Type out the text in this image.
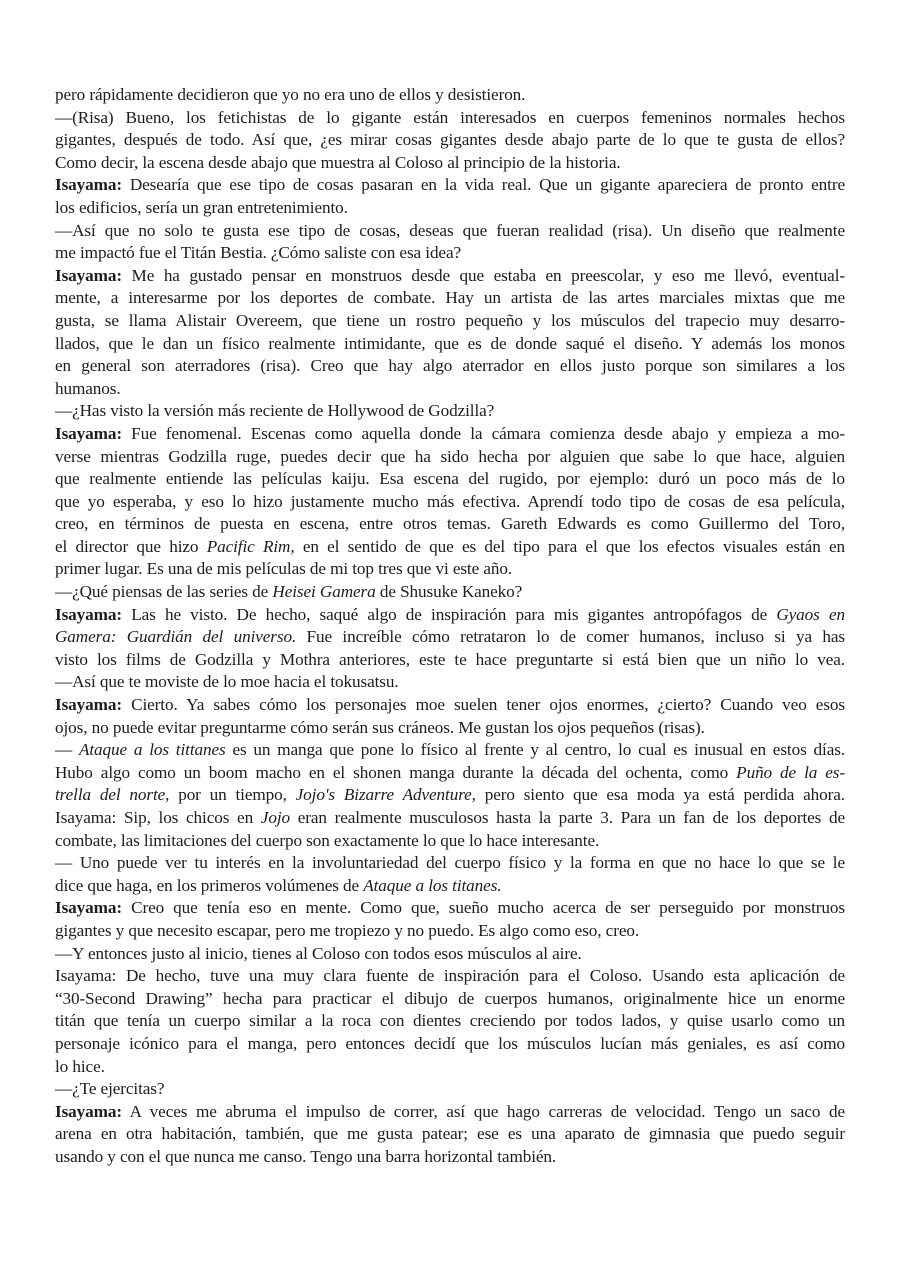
pero rápidamente decidieron que yo no era uno de ellos y desistieron.
—(Risa) Bueno, los fetichistas de lo gigante están interesados en cuerpos femeninos normales hechos
gigantes, después de todo. Así que, ¿es mirar cosas gigantes desde abajo parte de lo que te gusta de ellos?
Como decir, la escena desde abajo que muestra al Coloso al principio de la historia.
Isayama: Desearía que ese tipo de cosas pasaran en la vida real. Que un gigante apareciera de pronto entre
los edificios, sería un gran entretenimiento.
—Así que no solo te gusta ese tipo de cosas, deseas que fueran realidad (risa). Un diseño que realmente
me impactó fue el Titán Bestia. ¿Cómo saliste con esa idea?
Isayama: Me ha gustado pensar en monstruos desde que estaba en preescolar, y eso me llevó, eventual-
mente, a interesarme por los deportes de combate. Hay un artista de las artes marciales mixtas que me
gusta, se llama Alistair Overeem, que tiene un rostro pequeño y los músculos del trapecio muy desarro-
llados, que le dan un físico realmente intimidante, que es de donde saqué el diseño. Y además los monos
en general son aterradores (risa). Creo que hay algo aterrador en ellos justo porque son similares a los
humanos.
—¿Has visto la versión más reciente de Hollywood de Godzilla?
Isayama: Fue fenomenal. Escenas como aquella donde la cámara comienza desde abajo y empieza a mo-
verse mientras Godzilla ruge, puedes decir que ha sido hecha por alguien que sabe lo que hace, alguien
que realmente entiende las películas kaiju. Esa escena del rugido, por ejemplo: duró un poco más de lo
que yo esperaba, y eso lo hizo justamente mucho más efectiva. Aprendí todo tipo de cosas de esa película,
creo, en términos de puesta en escena, entre otros temas. Gareth Edwards es como Guillermo del Toro,
el director que hizo Pacific Rim, en el sentido de que es del tipo para el que los efectos visuales están en
primer lugar. Es una de mis películas de mi top tres que vi este año.
—¿Qué piensas de las series de Heisei Gamera de Shusuke Kaneko?
Isayama: Las he visto. De hecho, saqué algo de inspiración para mis gigantes antropófagos de Gyaos en
Gamera: Guardián del universo. Fue increíble cómo retrataron lo de comer humanos, incluso si ya has
visto los films de Godzilla y Mothra anteriores, este te hace preguntarte si está bien que un niño lo vea.
—Así que te moviste de lo moe hacia el tokusatsu.
Isayama: Cierto. Ya sabes cómo los personajes moe suelen tener ojos enormes, ¿cierto? Cuando veo esos
ojos, no puede evitar preguntarme cómo serán sus cráneos. Me gustan los ojos pequeños (risas).
— Ataque a los tittanes es un manga que pone lo físico al frente y al centro, lo cual es inusual en estos días.
Hubo algo como un boom macho en el shonen manga durante la década del ochenta, como Puño de la es-
trella del norte, por un tiempo, Jojo's Bizarre Adventure, pero siento que esa moda ya está perdida ahora.
Isayama: Sip, los chicos en Jojo eran realmente musculosos hasta la parte 3. Para un fan de los deportes de
combate, las limitaciones del cuerpo son exactamente lo que lo hace interesante.
— Uno puede ver tu interés en la involuntariedad del cuerpo físico y la forma en que no hace lo que se le
dice que haga, en los primeros volúmenes de Ataque a los titanes.
Isayama: Creo que tenía eso en mente. Como que, sueño mucho acerca de ser perseguido por monstruos
gigantes y que necesito escapar, pero me tropiezo y no puedo. Es algo como eso, creo.
—Y entonces justo al inicio, tienes al Coloso con todos esos músculos al aire.
Isayama: De hecho, tuve una muy clara fuente de inspiración para el Coloso. Usando esta aplicación de
“30-Second Drawing” hecha para practicar el dibujo de cuerpos humanos, originalmente hice un enorme
titán que tenía un cuerpo similar a la roca con dientes creciendo por todos lados, y quise usarlo como un
personaje icónico para el manga, pero entonces decidí que los músculos lucían más geniales, es así como
lo hice.
—¿Te ejercitas?
Isayama: A veces me abruma el impulso de correr, así que hago carreras de velocidad. Tengo un saco de
arena en otra habitación, también, que me gusta patear; ese es una aparato de gimnasia que puedo seguir
usando y con el que nunca me canso. Tengo una barra horizontal también.
